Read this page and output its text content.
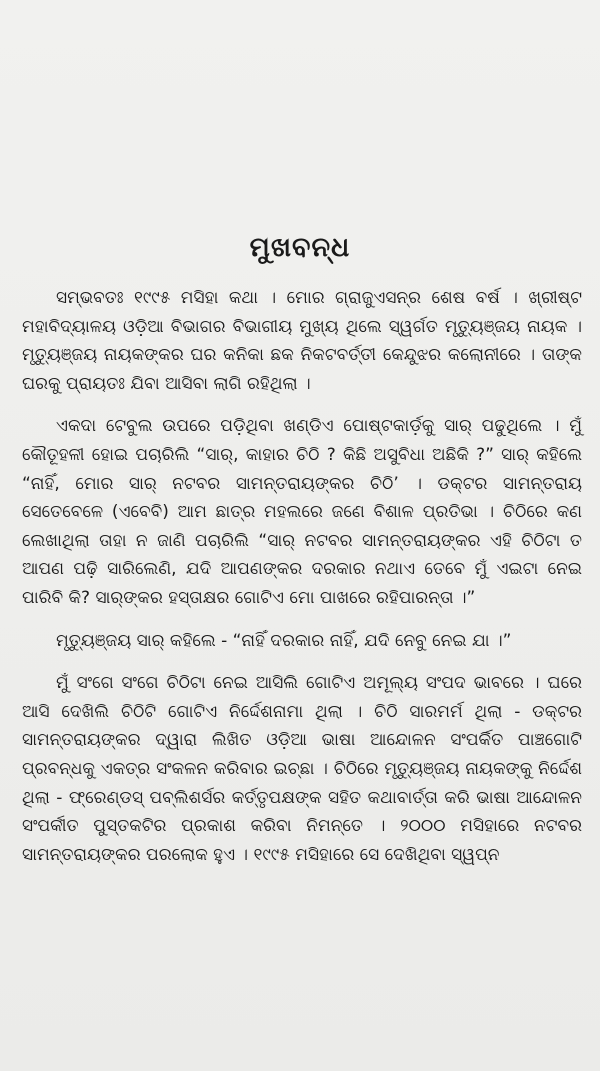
ମୁଖବନ୍ଧ

ସମ୍ଭବତଃ ୧୯୯୫ ମସିହା କଥା । ମୋର ଗ୍ରାଜୁଏସନ୍‌ର ଶେଷ ବର୍ଷ । ଖ୍ରୀଷ୍ଟ ମହାବିଦ୍ୟାଳୟ ଓଡ଼ିଆ ବିଭାଗର ବିଭାଗୀୟ ମୁଖ୍ୟ ଥିଲେ ସ୍ୱର୍ଗତ ମୃତ୍ୟୁଞ୍ଜୟ ନାୟକ । ମୃତ୍ୟୁଞ୍ଜୟ ନାୟକଙ୍କର ଘର କନିକା ଛକ ନିକଟବର୍ତ୍ତୀ କେନ୍ଦୁଝର କଲୋନୀରେ । ତାଙ୍କ ଘରକୁ ପ୍ରାୟତଃ ଯିବା ଆସିବା ଲାଗି ରହିଥିଲା ।

ଏକଦା ଟେବୁଲ ଉପରେ ପଡ଼ିଥିବା ଖଣ୍ଡିଏ ପୋଷ୍ଟକାର୍ଡ଼କୁ ସାର୍ ପଢୁଥିଲେ । ମୁଁ କୌତୂହଳୀ ହୋଇ ପଚାରିଲି “ସାର୍, କାହାର ଚିଠି ? କିଛି ଅସୁବିଧା ଅଛିକି ?” ସାର୍ କହିଲେ “ନାହିଁ, ମୋର ସାର୍ ନଟବର ସାମନ୍ତରାୟଙ୍କର ଚିଠି’ । ଡକ୍ଟର ସାମନ୍ତରାୟ ସେତେବେଳେ (ଏବେବି) ଆମ ଛାତ୍ର ମହଲରେ ଜଣେ ବିଶାଳ ପ୍ରତିଭା । ଚିଠିରେ କଣ ଲେଖାଥିଲା ତାହା ନ ଜାଣି ପଚାରିଲି “ସାର୍ ନଟବର ସାମନ୍ତରାୟଙ୍କର ଏହି ଚିଠିଟା ତ ଆପଣ ପଢ଼ି ସାରିଲେଣି, ଯଦି ଆପଣଙ୍କର ଦରକାର ନଥାଏ ତେବେ ମୁଁ ଏଇଟା ନେଇ ପାରିବି କି? ସାର୍‌ଙ୍କର ହସ୍ତାକ୍ଷର ଗୋଟିଏ ମୋ ପାଖରେ ରହିପାରନ୍ତା ।”

ମୃତ୍ୟୁଞ୍ଜୟ ସାର୍ କହିଲେ - “ନାହିଁ ଦରକାର ନାହିଁ, ଯଦି ନେବୁ ନେଇ ଯା ।”

ମୁଁ ସଂଗେ ସଂଗେ ଚିଠିଟା ନେଇ ଆସିଲି ଗୋଟିଏ ଅମୂଲ୍ୟ ସଂପଦ ଭାବରେ । ଘରେ ଆସି ଦେଖିଲି ଚିଠିଟି ଗୋଟିଏ ନିର୍ଦ୍ଦେଶନାମା ଥିଲା । ଚିଠି ସାରମର୍ମ ଥିଲା - ଡକ୍ଟର ସାମନ୍ତରାୟଙ୍କର ଦ୍ୱାରା ଲିଖିତ ଓଡ଼ିଆ ଭାଷା ଆନ୍ଦୋଳନ ସଂପର୍କିତ ପାଞ୍ଚଗୋଟି ପ୍ରବନ୍ଧକୁ ଏକତ୍ର ସଂକଳନ କରିବାର ଇଚ୍ଛା । ଚିଠିରେ ମୃତ୍ୟୁଞ୍ଜୟ ନାୟକଙ୍କୁ ନିର୍ଦ୍ଦେଶ ଥିଲା - ଫ୍ରେଣ୍ଡସ୍ ପବ୍ଲିଶର୍ସର କର୍ତ୍ତୃପକ୍ଷଙ୍କ ସହିତ କଥାବାର୍ତ୍ତା କରି ଭାଷା ଆନ୍ଦୋଳନ ସଂପର୍କୀତ ପୁସ୍ତକଟିର ପ୍ରକାଶ କରିବା ନିମନ୍ତେ । ୨୦୦୦ ମସିହାରେ ନଟବର ସାମନ୍ତରାୟଙ୍କର ପରଲୋକ ହୁଏ । ୧୯୯୫ ମସିହାରେ ସେ ଦେଖିଥିବା ସ୍ୱପ୍ନ
